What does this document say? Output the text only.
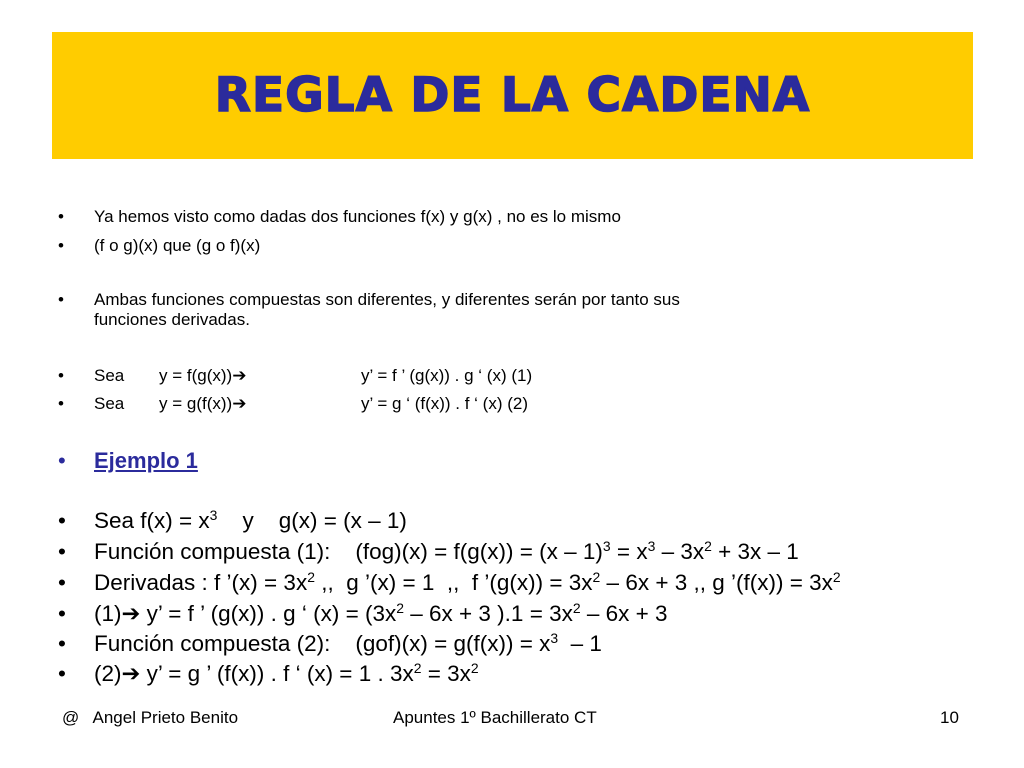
REGLA DE LA CADENA
• Ya hemos visto como dadas dos funciones f(x) y g(x) , no es lo mismo
• (f o g)(x) que (g o f)(x)
• Ambas funciones compuestas son diferentes, y diferentes serán por tanto sus
funciones derivadas.
• Sea y = f(g(x))➔	y’ = f ’ (g(x)) . g ‘ (x) (1)
• Sea y = g(f(x))➔	y’ = g ‘ (f(x)) . f ‘ (x) (2)
• Ejemplo 1
• Sea $f(x) = x^3$    y    g(x) = (x – 1)
• Función compuesta (1):    $(fog)(x) = f(g(x)) = (x - 1)^3 = x^3 - 3x^2 + 3x - 1$
• Derivadas : f ’(x) = $3x^2$ ,,  g ’(x) = 1  ,,  f ’(g(x)) = $3x^2 - 6x + 3$ ,, g ’(f(x)) = $3x^2$
• (1)➔ y’ = f ’ (g(x)) . g ‘ $(x) = (3x^2 - 6x + 3$ )$.1 = 3x^2 - 6x + 3$
• Función compuesta (2):    $(gof)(x) = g(f(x)) = x^3 - 1$
• (2)➔ y’ = g ’ (f(x)) . f ‘ (x) = 1 . $3x^2 = 3x^2$
@   Angel Prieto Benito	Apuntes 1º Bachillerato CT	10
